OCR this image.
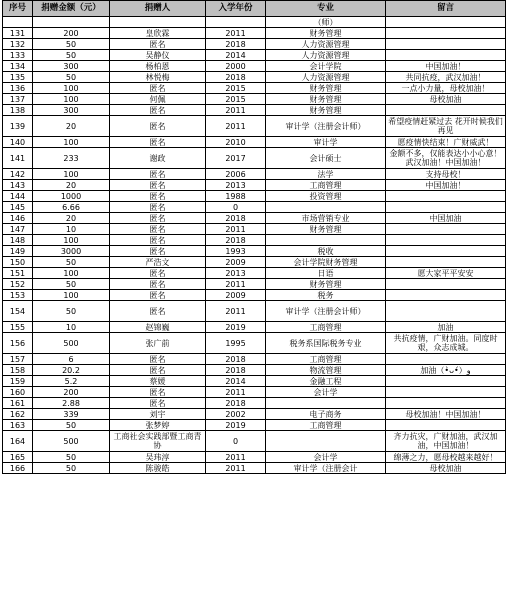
序号	捐赠金额（元）	捐赠人	入学年份	专业	留言
				（师）	
131	200	皇欣霖	2011	财务管理	
132	50	匿名	2018	人力资源管理	
133	50	吴静仪	2014	人力资源管理	
134	300	杨柏恩	2000	会计学院	中国加油！
135	50	林悦梅	2018	人力资源管理	共同抗疫，武汉加油！
136	100	匿名	2015	财务管理	一点小力量，母校加油！
137	100	何佩	2015	财务管理	母校加油
138	300	匿名	2011	财务管理	
139	20	匿名	2011	审计学（注册会计师）	希望疫情赶紧过去 花开时候我们再见
140	100	匿名	2010	审计学	愿疫情快结束！广财威武！
141	233	谢政	2017	会计硕士	金额不多，仅能表达小小心意！武汉加油！中国加油！
142	100	匿名	2006	法学	支持母校！
143	20	匿名	2013	工商管理	中国加油！
144	1000	匿名	1988	投资管理	
145	6.66	匿名	0		
146	20	匿名	2018	市场营销专业	中国加油
147	10	匿名	2011	财务管理	
148	100	匿名	2018		
149	3000	匿名	1993	税收	
150	50	严浩文	2009	会计学院财务管理	
151	100	匿名	2013	日语	愿大家平平安安
152	50	匿名	2011	财务管理	
153	100	匿名	2009	税务	
154	50	匿名	2011	审计学（注册会计师）	
155	10	赵锦巍	2019	工商管理	加油
156	500	张广前	1995	税务系国际税务专业	共抗疫情，广财加油。同度时艰，众志成城。
157	6	匿名	2018	工商管理	
158	20.2	匿名	2018	物流管理	加油（•̀ᴗ•́）و
159	5.2	蔡媛	2014	金融工程	
160	200	匿名	2011	会计学	
161	2.88	匿名	2018		
162	339	刘宇	2002	电子商务	母校加油！中国加油！
163	50	张梦婷	2019	工商管理	
164	500	工商社会实践部暨工商青协	0		齐力抗灾，广财加油，武汉加油，中国加油！
165	50	吴玮淳	2011	会计学	绵薄之力，愿母校越来越好！
166	50	陈骏皓	2011	审计学（注册会计	母校加油
